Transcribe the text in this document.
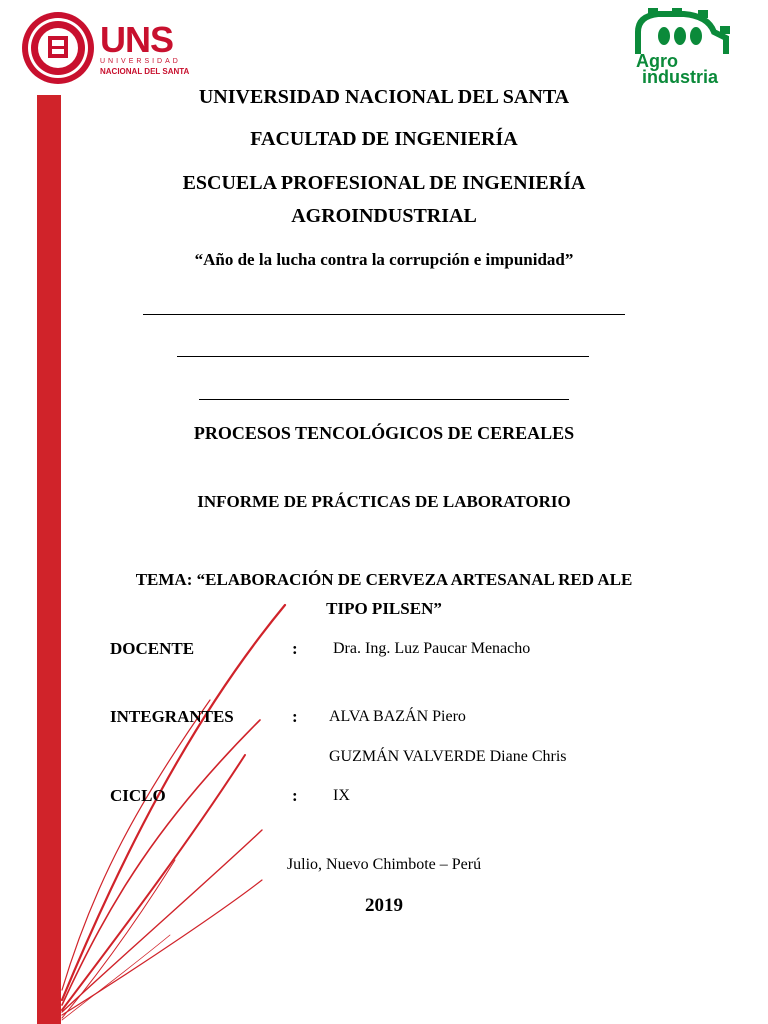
UNS
UNIVERSIDAD
NACIONAL DEL SANTA
Agro
industria
UNIVERSIDAD NACIONAL DEL SANTA
FACULTAD DE INGENIERÍA
ESCUELA PROFESIONAL DE INGENIERÍA
AGROINDUSTRIAL
“Año de la lucha contra la corrupción e impunidad”
PROCESOS TENCOLÓGICOS DE CEREALES
INFORME DE PRÁCTICAS DE LABORATORIO
TEMA: “ELABORACIÓN DE CERVEZA ARTESANAL RED ALE
TIPO PILSEN”
DOCENTE	: Dra. Ing. Luz Paucar Menacho
INTEGRANTES	: ALVA BAZÁN Piero
GUZMÁN VALVERDE Diane Chris
CICLO	: IX
Julio, Nuevo Chimbote – Perú
2019
